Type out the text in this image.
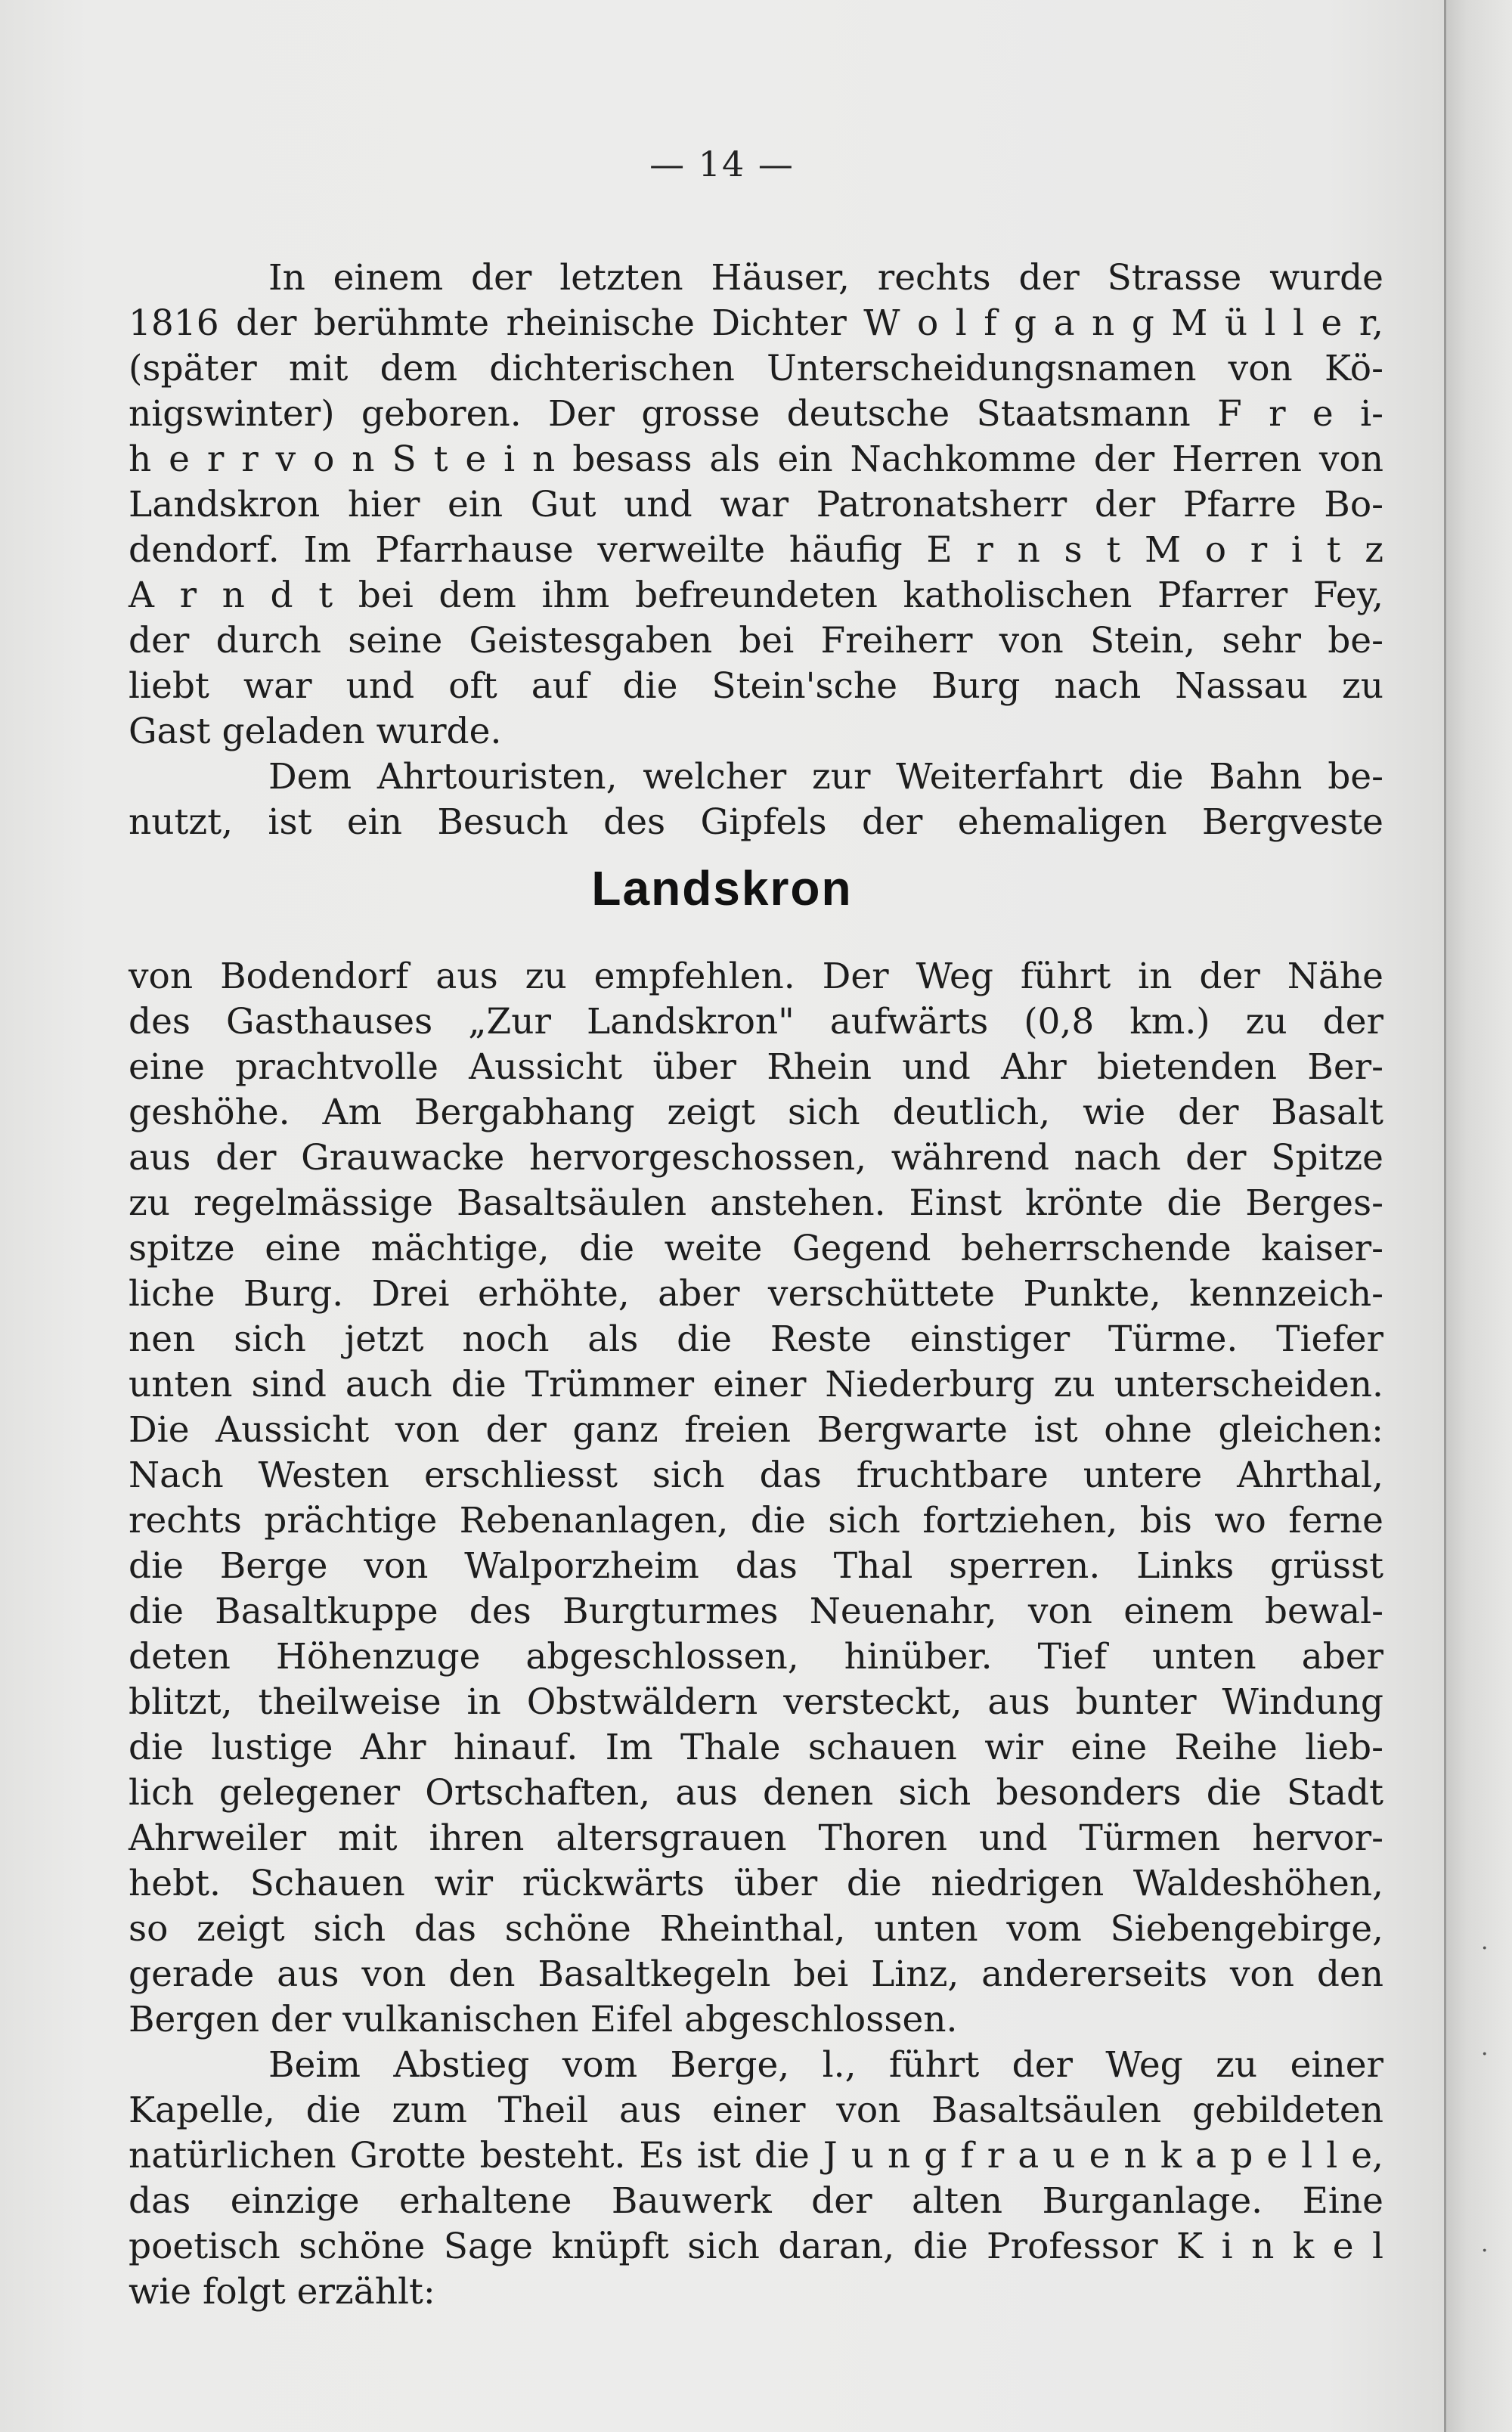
— 14 —
In einem der letzten Häuser, rechts der Strasse wurde
1816 der berühmte rheinische Dichter W o l f g a n g M ü l l e r,
(später mit dem dichterischen Unterscheidungsnamen von Kö-
nigswinter) geboren. Der grosse deutsche Staatsmann F r e i-
h e r r v o n S t e i n besass als ein Nachkomme der Herren von
Landskron hier ein Gut und war Patronatsherr der Pfarre Bo-
dendorf. Im Pfarrhause verweilte häufig E r n s t M o r i t z
A r n d t bei dem ihm befreundeten katholischen Pfarrer Fey,
der durch seine Geistesgaben bei Freiherr von Stein, sehr be-
liebt war und oft auf die Stein'sche Burg nach Nassau zu
Gast geladen wurde.
Dem Ahrtouristen, welcher zur Weiterfahrt die Bahn be-
nutzt, ist ein Besuch des Gipfels der ehemaligen Bergveste
Landskron
von Bodendorf aus zu empfehlen. Der Weg führt in der Nähe
des Gasthauses „Zur Landskron" aufwärts (0,8 km.) zu der
eine prachtvolle Aussicht über Rhein und Ahr bietenden Ber-
geshöhe. Am Bergabhang zeigt sich deutlich, wie der Basalt
aus der Grauwacke hervorgeschossen, während nach der Spitze
zu regelmässige Basaltsäulen anstehen. Einst krönte die Berges-
spitze eine mächtige, die weite Gegend beherrschende kaiser-
liche Burg. Drei erhöhte, aber verschüttete Punkte, kennzeich-
nen sich jetzt noch als die Reste einstiger Türme. Tiefer
unten sind auch die Trümmer einer Niederburg zu unterscheiden.
Die Aussicht von der ganz freien Bergwarte ist ohne gleichen:
Nach Westen erschliesst sich das fruchtbare untere Ahrthal,
rechts prächtige Rebenanlagen, die sich fortziehen, bis wo ferne
die Berge von Walporzheim das Thal sperren. Links grüsst
die Basaltkuppe des Burgturmes Neuenahr, von einem bewal-
deten Höhenzuge abgeschlossen, hinüber. Tief unten aber
blitzt, theilweise in Obstwäldern versteckt, aus bunter Windung
die lustige Ahr hinauf. Im Thale schauen wir eine Reihe lieb-
lich gelegener Ortschaften, aus denen sich besonders die Stadt
Ahrweiler mit ihren altersgrauen Thoren und Türmen hervor-
hebt. Schauen wir rückwärts über die niedrigen Waldeshöhen,
so zeigt sich das schöne Rheinthal, unten vom Siebengebirge,
gerade aus von den Basaltkegeln bei Linz, andererseits von den
Bergen der vulkanischen Eifel abgeschlossen.
Beim Abstieg vom Berge, l., führt der Weg zu einer
Kapelle, die zum Theil aus einer von Basaltsäulen gebildeten
natürlichen Grotte besteht. Es ist die J u n g f r a u e n k a p e l l e,
das einzige erhaltene Bauwerk der alten Burganlage. Eine
poetisch schöne Sage knüpft sich daran, die Professor K i n k e l
wie folgt erzählt:
·
·
·
